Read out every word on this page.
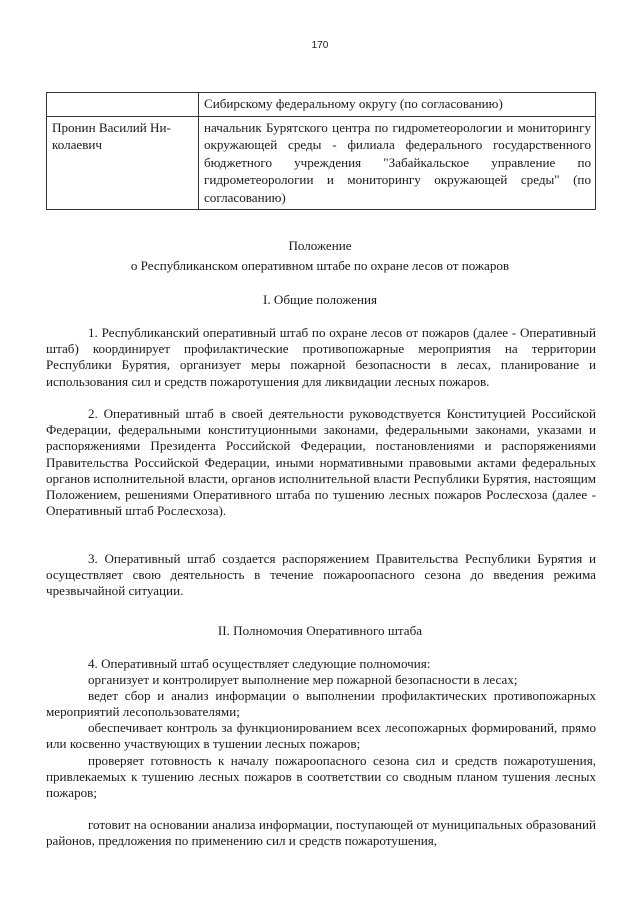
170
	Сибирскому федеральному округу (по согласованию)
Пронин Василий Николаевич	начальник Бурятского центра по гидрометеорологии и мониторингу окружающей среды - филиала федерального государственного бюджетного учреждения "Забайкальское управление по гидрометеорологии и мониторингу окружающей среды" (по согласованию)
Положение
о Республиканском оперативном штабе по охране лесов от пожаров
I. Общие положения

1. Республиканский оперативный штаб по охране лесов от пожаров (далее - Оперативный штаб) координирует профилактические противопожарные мероприятия на территории Республики Бурятия, организует меры пожарной безопасности в лесах, планирование и использования сил и средств пожаротушения для ликвидации лесных пожаров.

2. Оперативный штаб в своей деятельности руководствуется Конституцией Российской Федерации, федеральными конституционными законами, федеральными законами, указами и распоряжениями Президента Российской Федерации, постановлениями и распоряжениями Правительства Российской Федерации, иными нормативными правовыми актами федеральных органов исполнительной власти, органов исполнительной власти Республики Бурятия, настоящим Положением, решениями Оперативного штаба по тушению лесных пожаров Рослесхоза (далее - Оперативный штаб Рослесхоза).

3. Оперативный штаб создается распоряжением Правительства Республики Бурятия и осуществляет свою деятельность в течение пожароопасного сезона до введения режима чрезвычайной ситуации.

II. Полномочия Оперативного штаба

4. Оперативный штаб осуществляет следующие полномочия:

организует и контролирует выполнение мер пожарной безопасности в лесах;

ведет сбор и анализ информации о выполнении профилактических противопожарных мероприятий лесопользователями;

обеспечивает контроль за функционированием всех лесопожарных формирований, прямо или косвенно участвующих в тушении лесных пожаров;

проверяет готовность к началу пожароопасного сезона сил и средств пожаротушения, привлекаемых к тушению лесных пожаров в соответствии со сводным планом тушения лесных пожаров;

готовит на основании анализа информации, поступающей от муниципальных образований районов, предложения по применению сил и средств пожаротушения,
